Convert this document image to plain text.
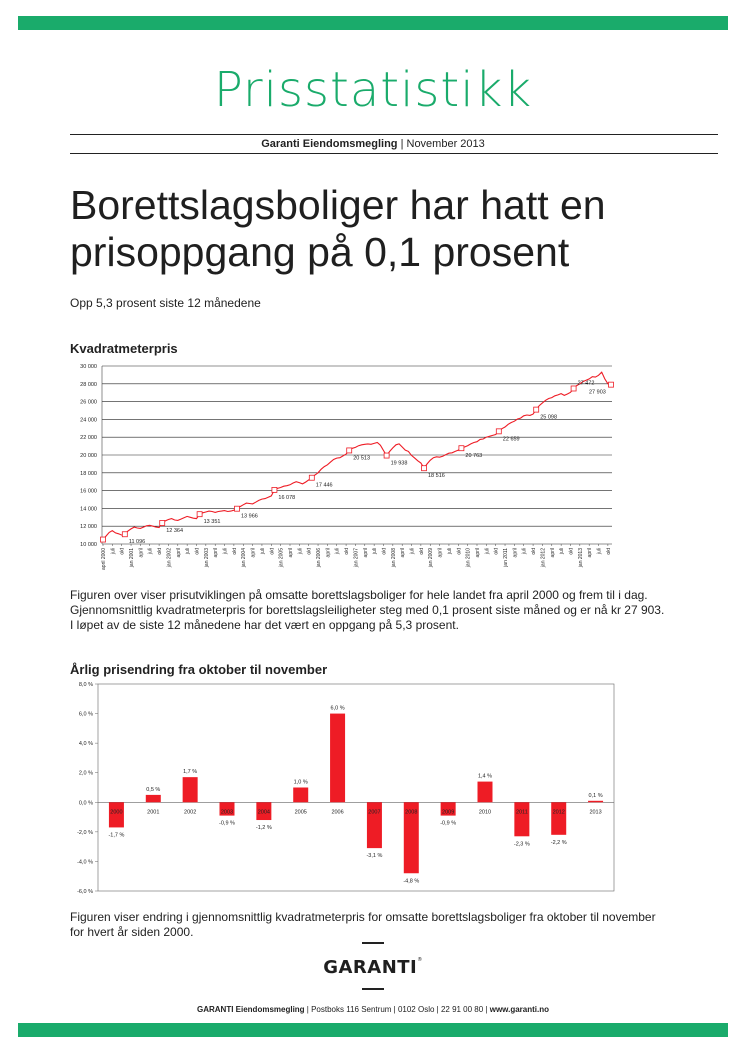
Prisstatistikk
Garanti Eiendomsmegling | November 2013
Borettslagsboliger har hatt en
prisoppgang på 0,1 prosent
Opp 5,3 prosent siste 12 månedene
Kvadratmeterpris
10 000
12 000
14 000
16 000
18 000
20 000
22 000
24 000
26 000
28 000
30 000
april 2000 juli okt jan 2001 april juli okt jan 2002 april juli okt jan 2003 april juli okt jan 2004 april juli okt jan 2005 april juli okt jan 2006 april juli okt jan 2007 april juli okt jan 2008 april juli okt jan 2009 april juli okt jan 2010 april juli okt jan 2011 april juli okt jan 2012 april juli okt jan 2013 april juli okt
11 096
12 364
13 351
13 966
16 078
17 446
20 513
19 938
18 516
20 763
22 659
25 098
27 472
27 903

Figuren over viser prisutviklingen på omsatte borettslagsboliger for hele landet fra april 2000 og frem til i dag. Gjennomsnittlig kvadratmeterpris for borettslagsleiligheter steg med 0,1 prosent siste måned og er nå kr 27 903. I løpet av de siste 12 månedene har det vært en oppgang på 5,3 prosent.

Årlig prisendring fra oktober til november
-6,0 %
-4,0 %
-2,0 %
0,0 %
2,0 %
4,0 %
6,0 %
8,0 %
2000
-1,7 %
2001
0,5 %
2002
1,7 %
2003
-0,9 %
2004
-1,2 %
2005
1,0 %
2006
6,0 %
2007
-3,1 %
2008
-4,8 %
2009
-0,9 %
2010
1,4 %
2011
-2,3 %
2012
-2,2 %
2013
0,1 %

Figuren viser endring i gjennomsnittlig kvadratmeterpris for omsatte borettslagsboliger fra oktober til november for hvert år siden 2000.

GARANTI®
GARANTI Eiendomsmegling | Postboks 116 Sentrum | 0102 Oslo | 22 91 00 80 | www.garanti.no
